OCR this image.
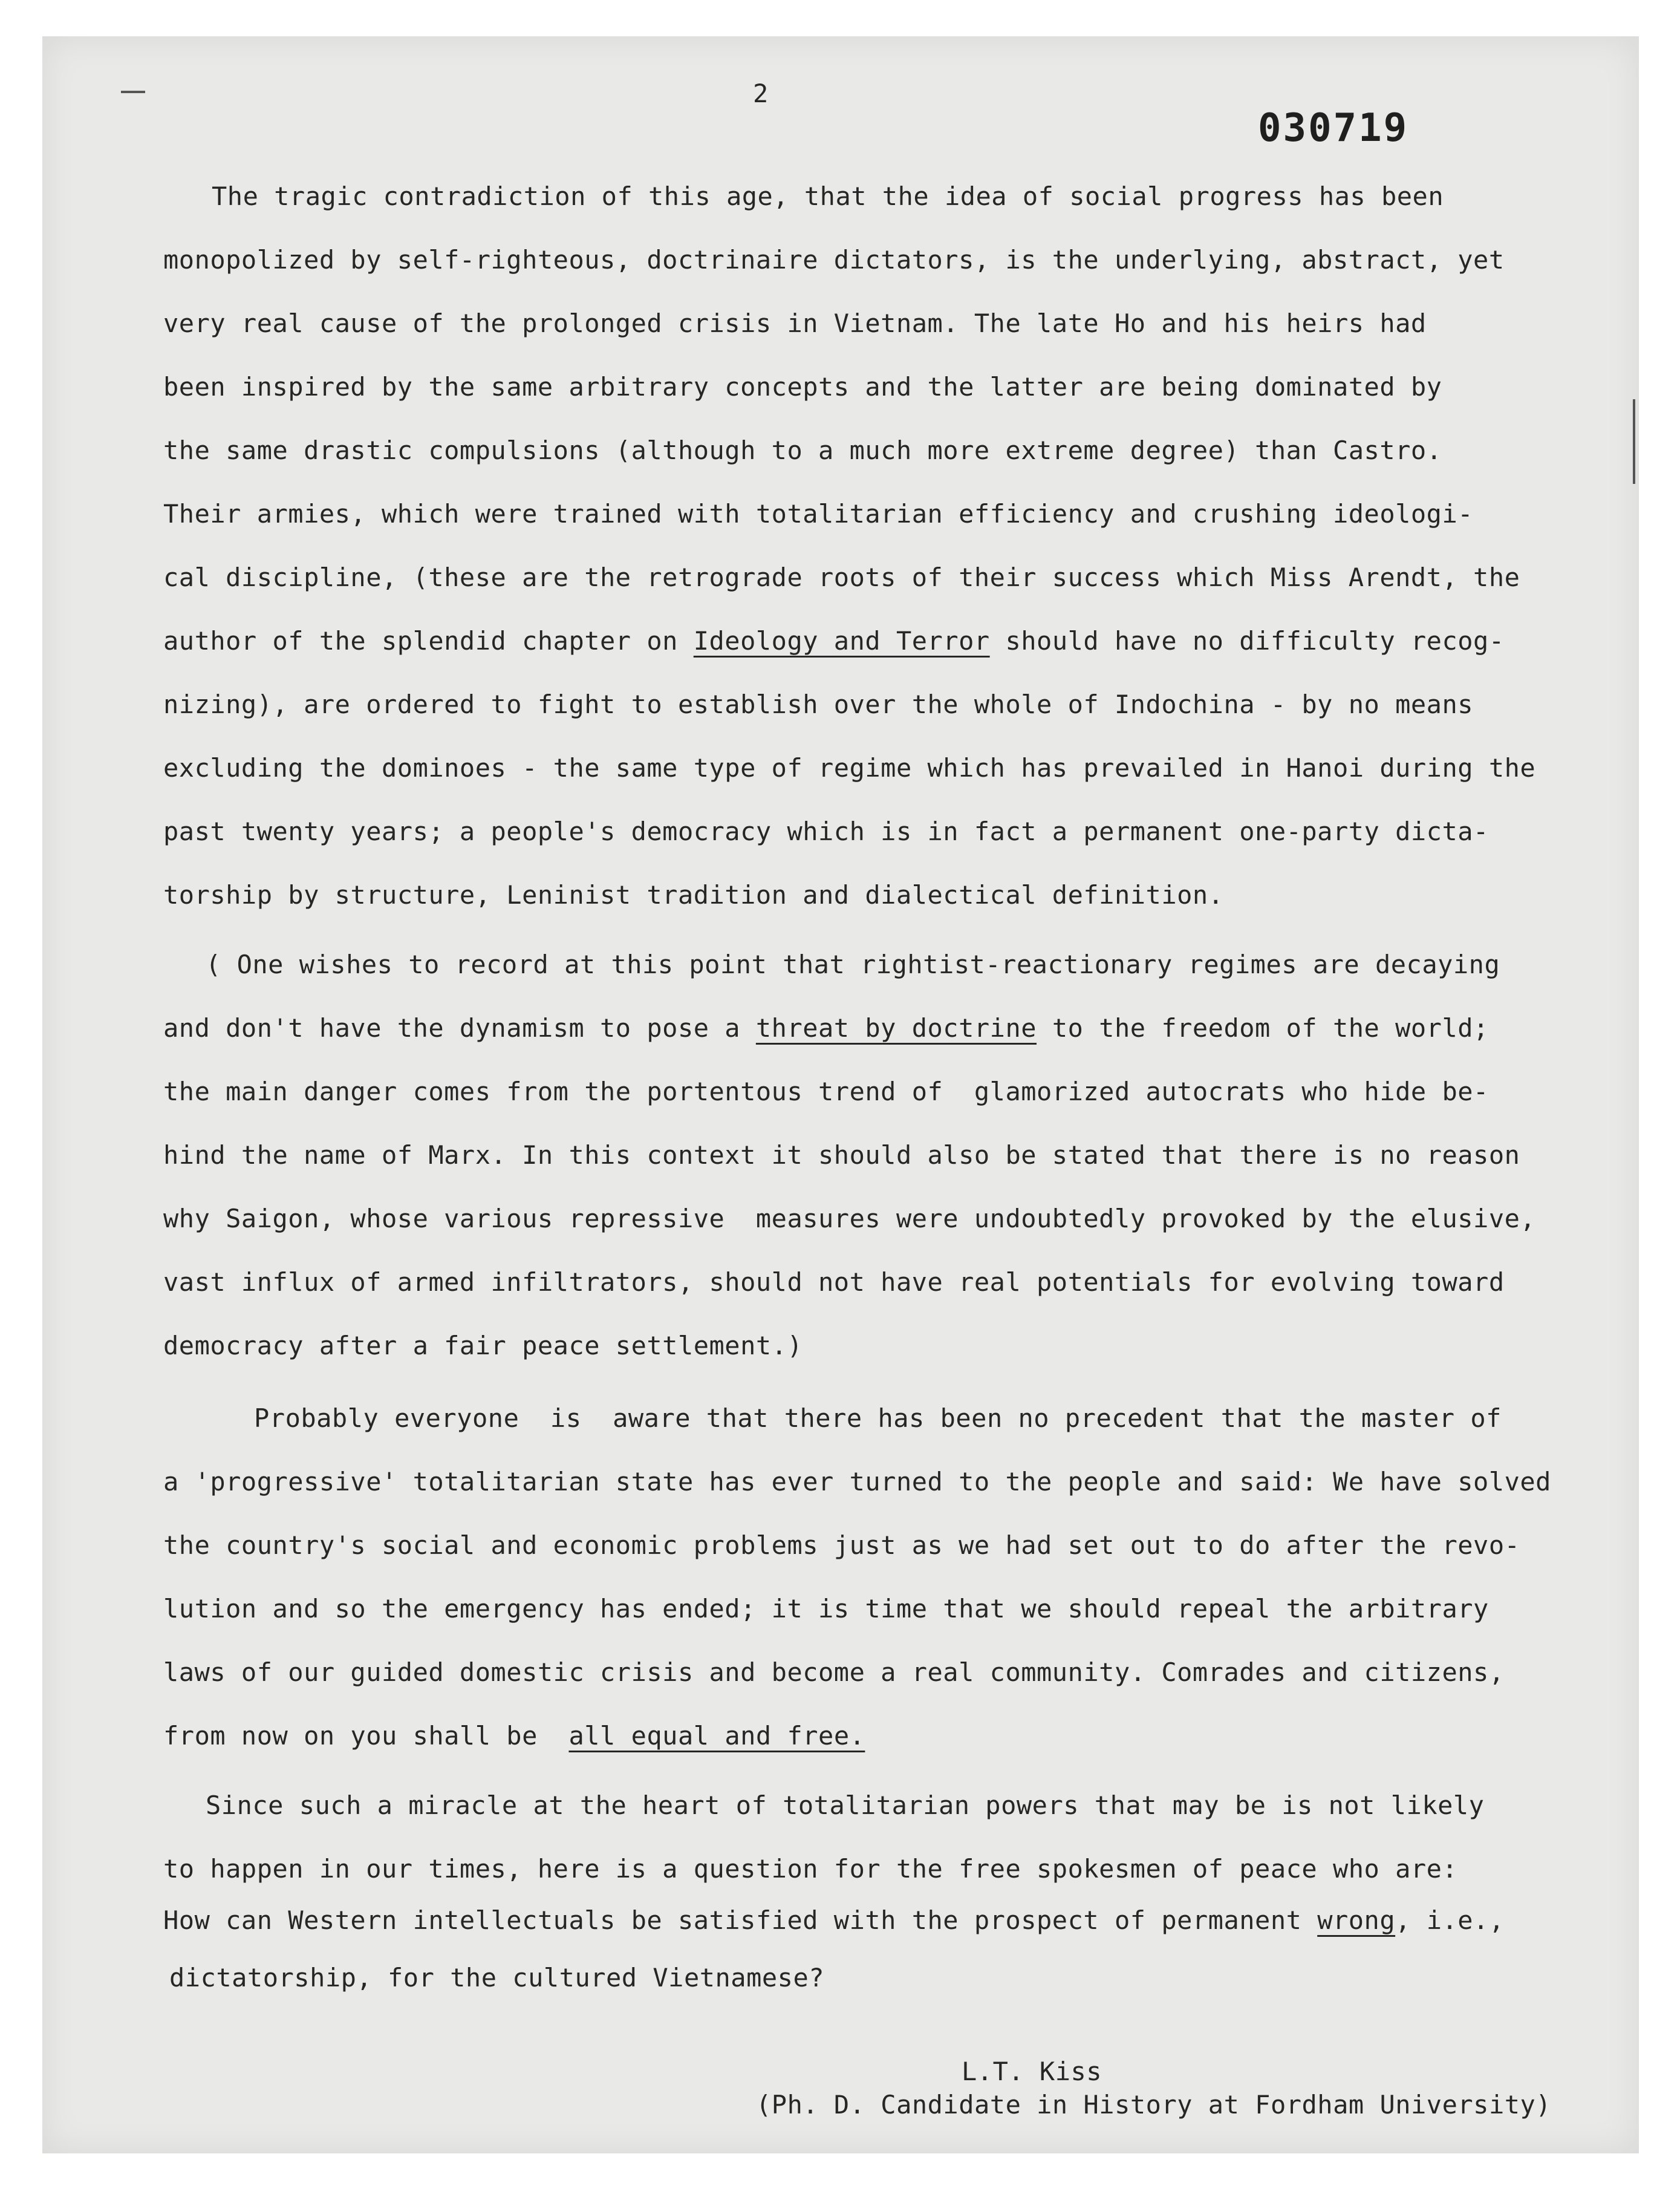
2
030719
The tragic contradiction of this age, that the idea of social progress has been
monopolized by self-righteous, doctrinaire dictators, is the underlying, abstract, yet
very real cause of the prolonged crisis in Vietnam. The late Ho and his heirs had
been inspired by the same arbitrary concepts and the latter are being dominated by
the same drastic compulsions (although to a much more extreme degree) than Castro.
Their armies, which were trained with totalitarian efficiency and crushing ideologi-
cal discipline, (these are the retrograde roots of their success which Miss Arendt, the
author of the splendid chapter on Ideology and Terror should have no difficulty recog-
nizing), are ordered to fight to establish over the whole of Indochina - by no means
excluding the dominoes - the same type of regime which has prevailed in Hanoi during the
past twenty years; a people's democracy which is in fact a permanent one-party dicta-
torship by structure, Leninist tradition and dialectical definition.
( One wishes to record at this point that rightist-reactionary regimes are decaying
and don't have the dynamism to pose a threat by doctrine to the freedom of the world;
the main danger comes from the portentous trend of  glamorized autocrats who hide be-
hind the name of Marx. In this context it should also be stated that there is no reason
why Saigon, whose various repressive  measures were undoubtedly provoked by the elusive,
vast influx of armed infiltrators, should not have real potentials for evolving toward
democracy after a fair peace settlement.)
Probably everyone  is  aware that there has been no precedent that the master of
a 'progressive' totalitarian state has ever turned to the people and said: We have solved
the country's social and economic problems just as we had set out to do after the revo-
lution and so the emergency has ended; it is time that we should repeal the arbitrary
laws of our guided domestic crisis and become a real community. Comrades and citizens,
from now on you shall be  all equal and free.
Since such a miracle at the heart of totalitarian powers that may be is not likely
to happen in our times, here is a question for the free spokesmen of peace who are:
How can Western intellectuals be satisfied with the prospect of permanent wrong, i.e.,
dictatorship, for the cultured Vietnamese?
L.T. Kiss
(Ph. D. Candidate in History at Fordham University)
